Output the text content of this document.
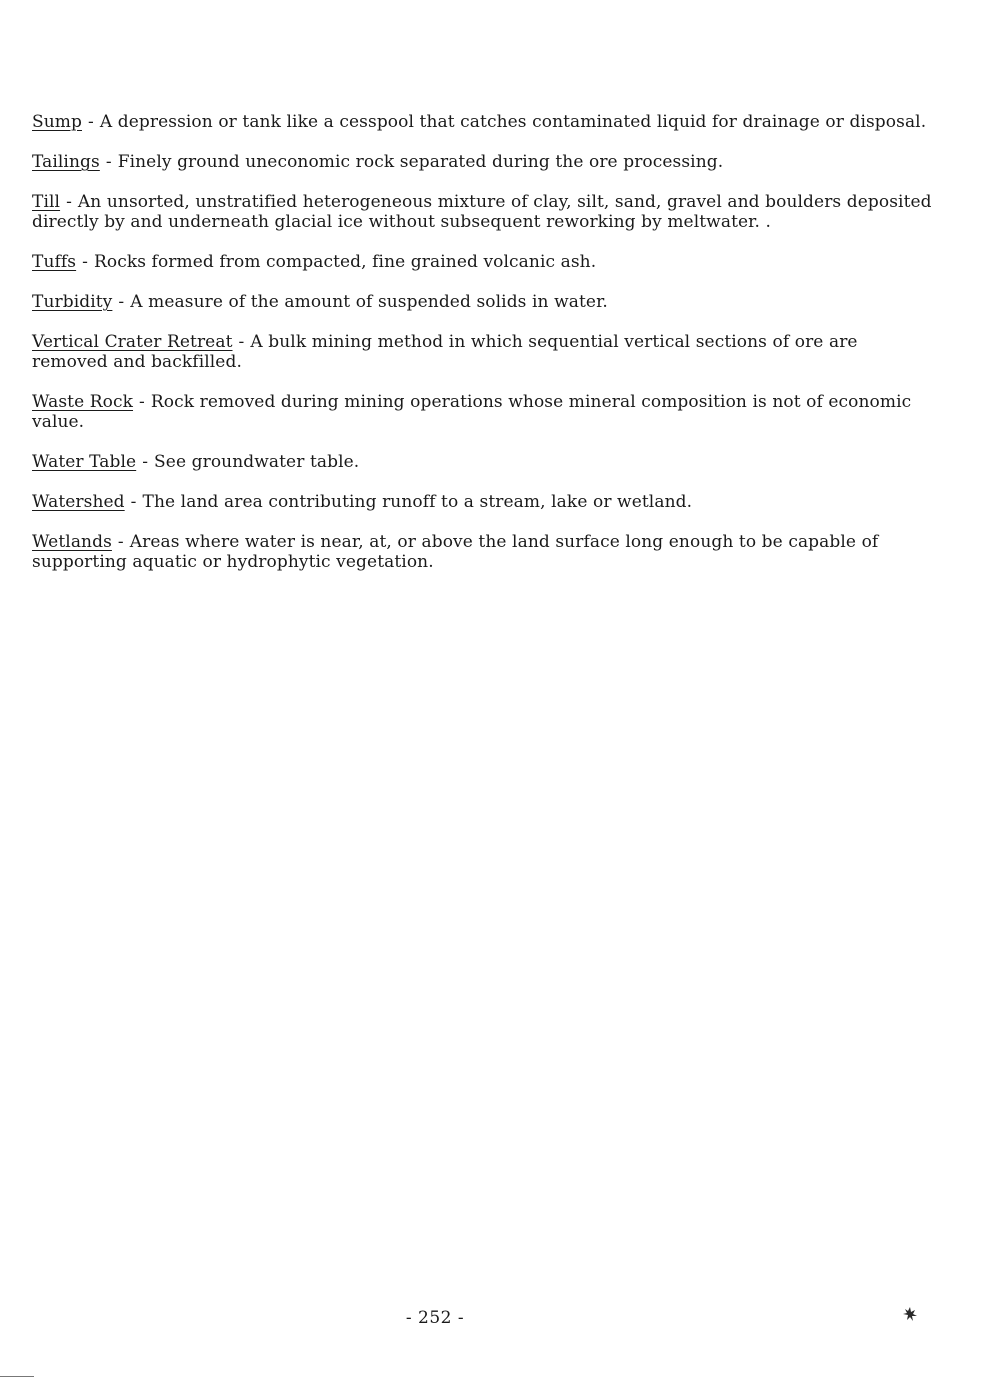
Sump - A depression or tank like a cesspool that catches contaminated liquid for drainage or disposal.
Tailings - Finely ground uneconomic rock separated during the ore processing.
Till - An unsorted, unstratified heterogeneous mixture of clay, silt, sand, gravel and boulders deposited directly by and underneath glacial ice without subsequent reworking by meltwater. .
Tuffs - Rocks formed from compacted, fine grained volcanic ash.
Turbidity - A measure of the amount of suspended solids in water.
Vertical Crater Retreat - A bulk mining method in which sequential vertical sections of ore are removed and backfilled.
Waste Rock - Rock removed during mining operations whose mineral composition is not of economic value.
Water Table - See groundwater table.
Watershed - The land area contributing runoff to a stream, lake or wetland.
Wetlands - Areas where water is near, at, or above the land surface long enough to be capable of supporting aquatic or hydrophytic vegetation.
- 252 -
